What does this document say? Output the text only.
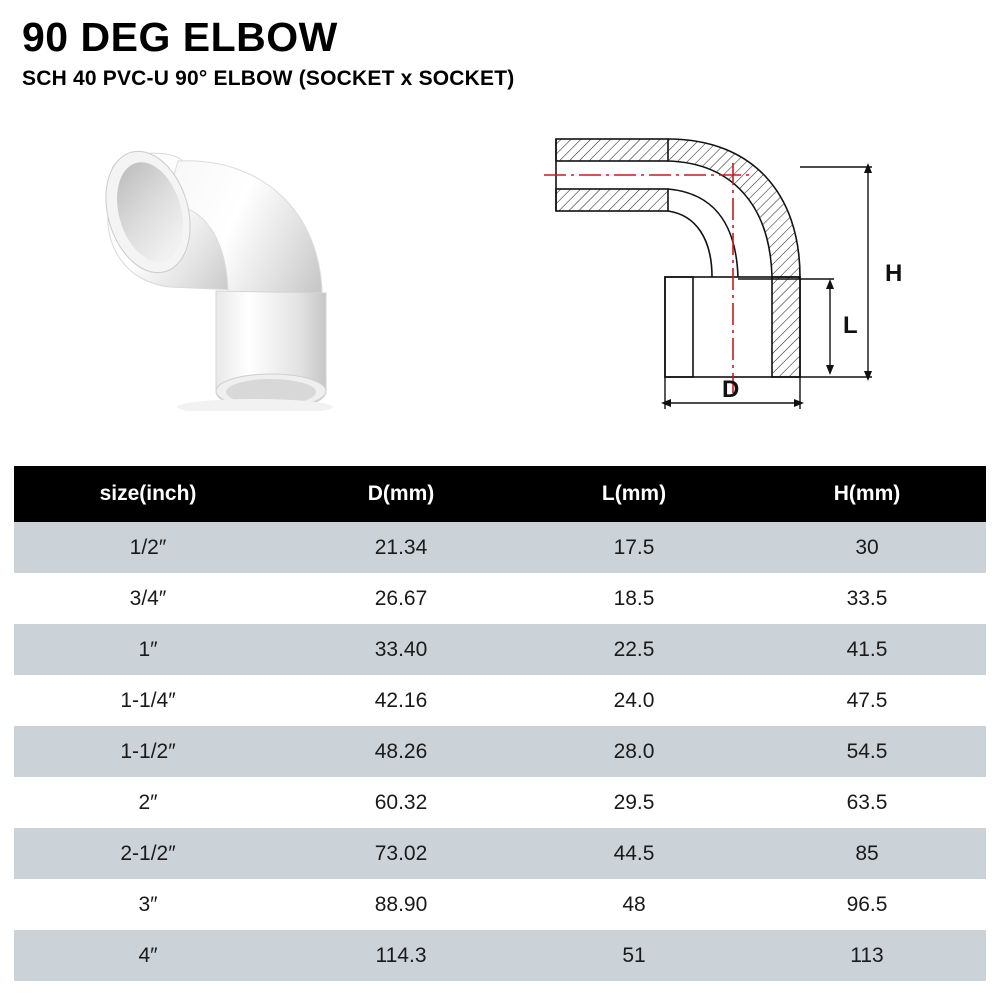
90 DEG ELBOW

SCH 40 PVC-U 90° ELBOW (SOCKET x SOCKET)

H
L
D
size(inch)	D(mm)	L(mm)	H(mm)
1/2″	21.34	17.5	30
3/4″	26.67	18.5	33.5
1″	33.40	22.5	41.5
1-1/4″	42.16	24.0	47.5
1-1/2″	48.26	28.0	54.5
2″	60.32	29.5	63.5
2-1/2″	73.02	44.5	85
3″	88.90	48	96.5
4″	114.3	51	113
